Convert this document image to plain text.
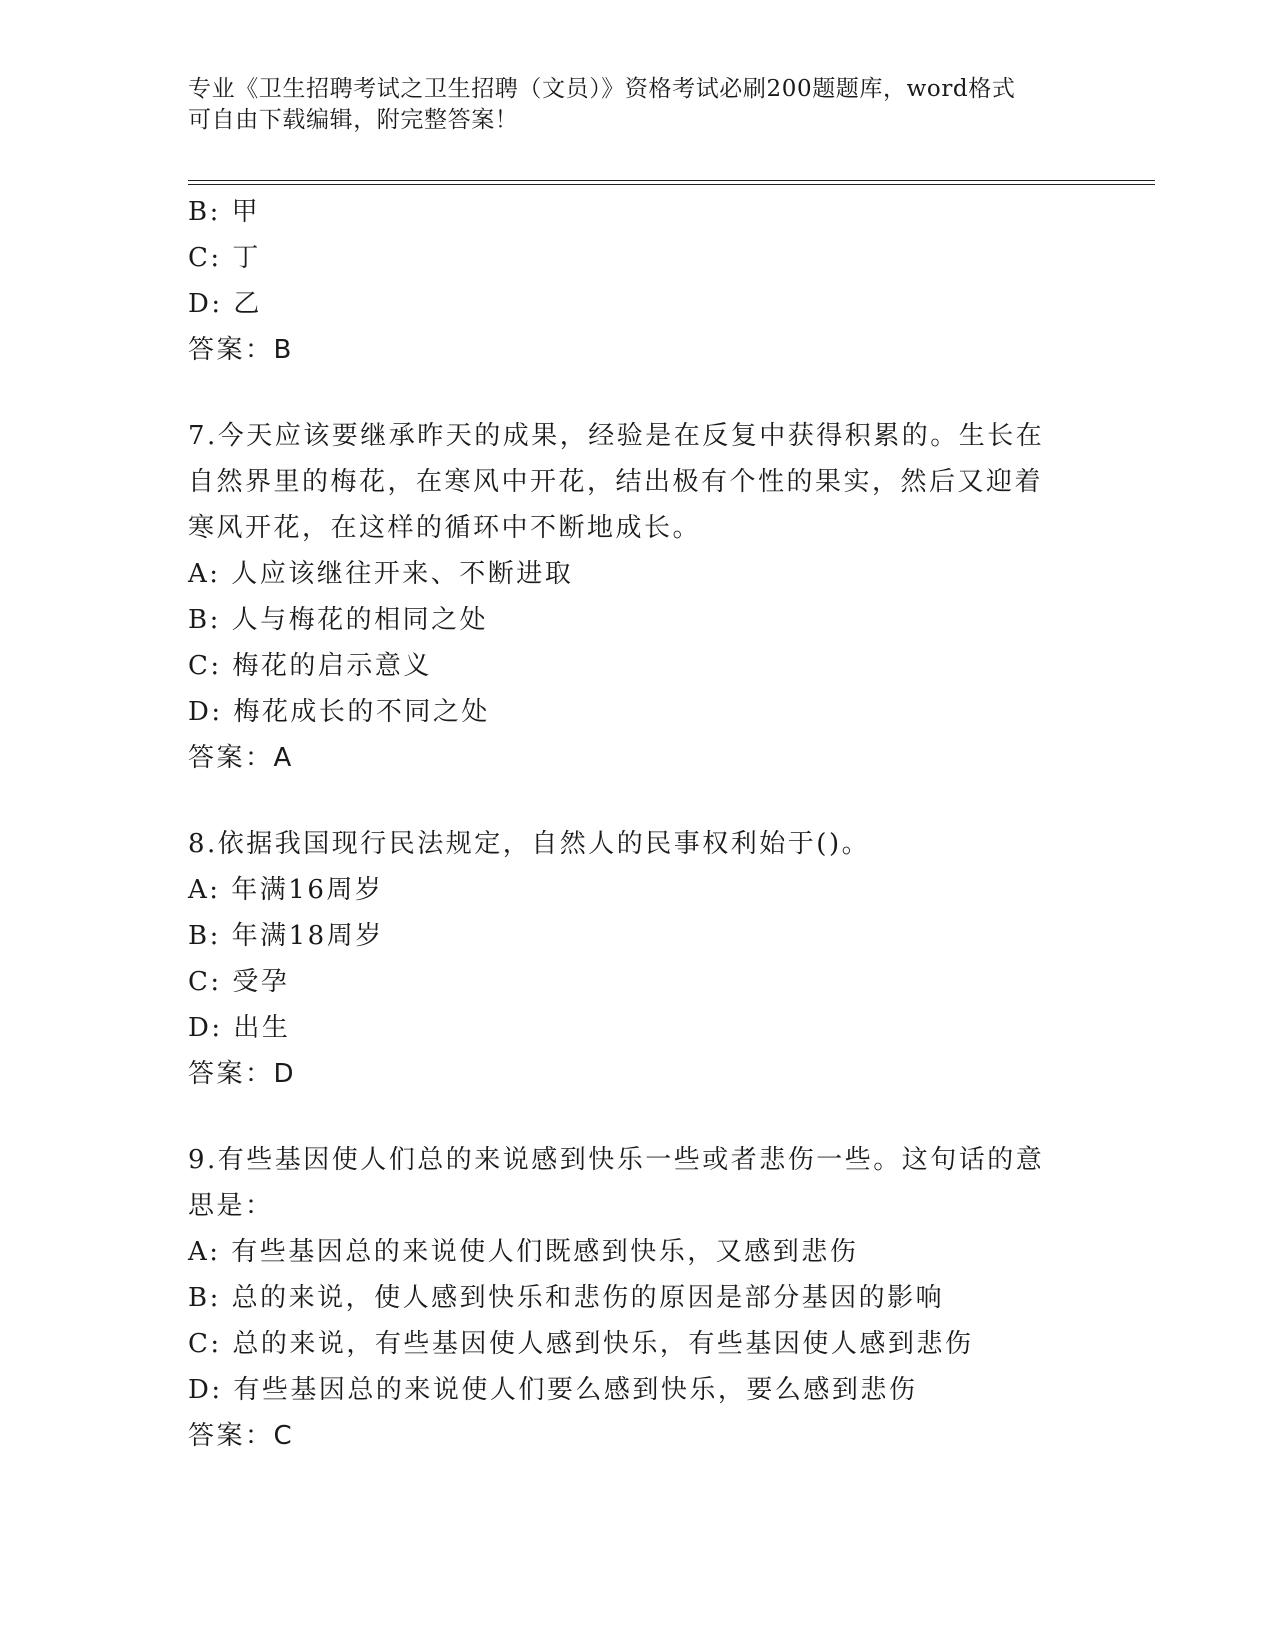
专业《卫生招聘考试之卫生招聘（文员）》资格考试必刷200题题库，word格式
可自由下载编辑，附完整答案！
B: 甲
C: 丁
D: 乙
答案：B
7.今天应该要继承昨天的成果，经验是在反复中获得积累的。生长在
自然界里的梅花，在寒风中开花，结出极有个性的果实，然后又迎着
寒风开花，在这样的循环中不断地成长。
A: 人应该继往开来、不断进取
B: 人与梅花的相同之处
C: 梅花的启示意义
D: 梅花成长的不同之处
答案：A
8.依据我国现行民法规定，自然人的民事权利始于()。
A: 年满16周岁
B: 年满18周岁
C: 受孕
D: 出生
答案：D
9.有些基因使人们总的来说感到快乐一些或者悲伤一些。这句话的意
思是：
A: 有些基因总的来说使人们既感到快乐，又感到悲伤
B: 总的来说，使人感到快乐和悲伤的原因是部分基因的影响
C: 总的来说，有些基因使人感到快乐，有些基因使人感到悲伤
D: 有些基因总的来说使人们要么感到快乐，要么感到悲伤
答案：C
